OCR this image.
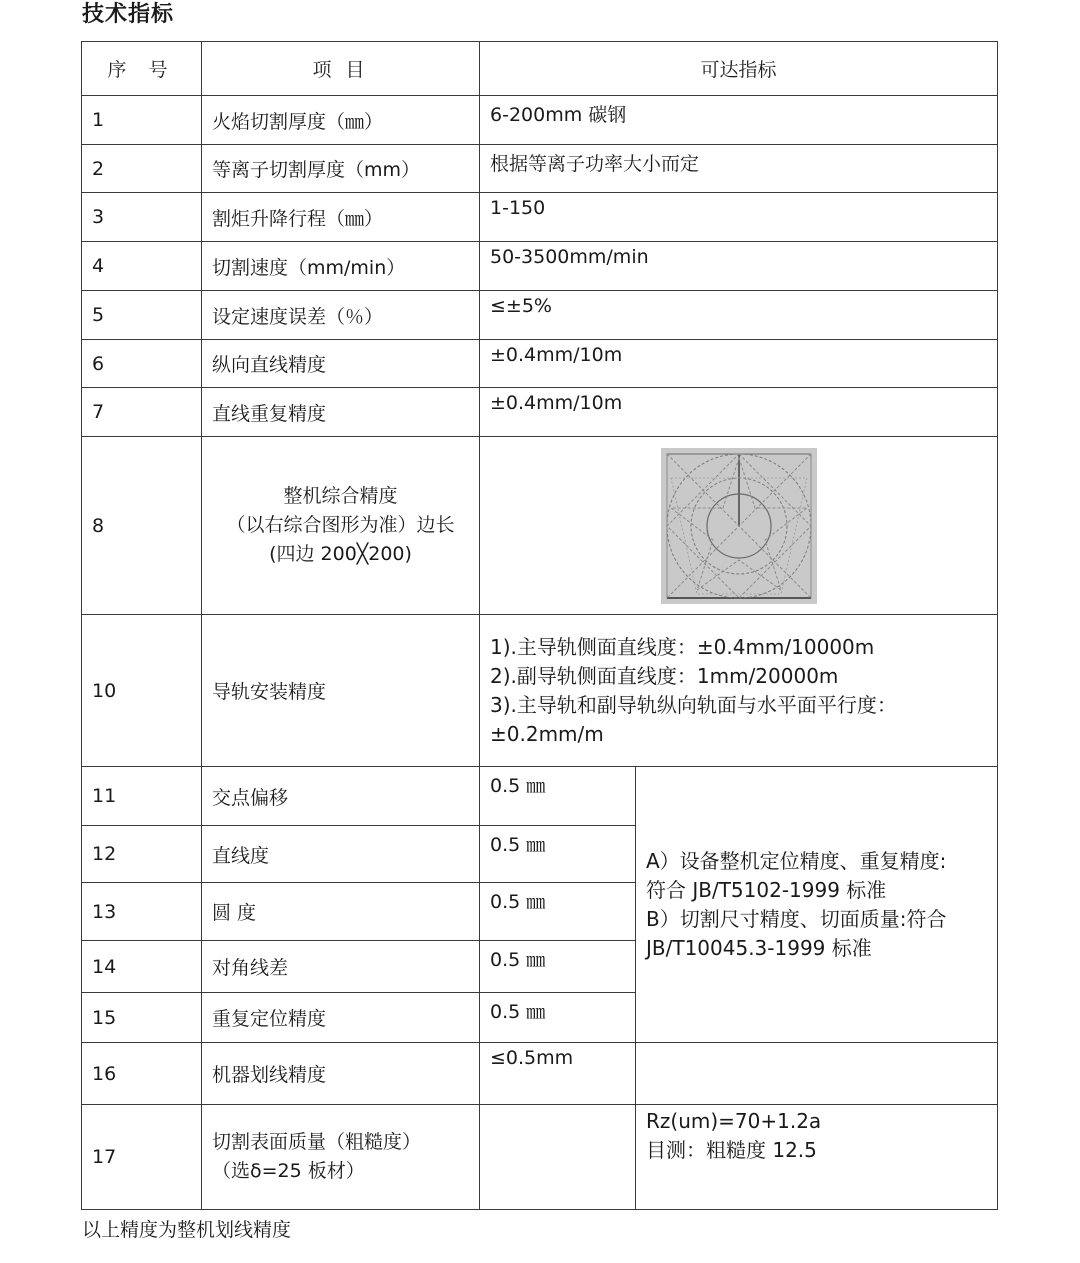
技术指标
序 号	项 目	可达指标	
1	火焰切割厚度（㎜）	6-200mm 碳钢	
2	等离子切割厚度（mm）	根据等离子功率大小而定	
3	割炬升降行程（㎜）	1-150	
4	切割速度（mm/min）	50-3500mm/min	
5	设定速度误差（％）	≤±5%	
6	纵向直线精度	±0.4mm/10m	
7	直线重复精度	±0.4mm/10m	
8	整机综合精度
（以右综合图形为准）边长
(四边 200╳200)

10	导轨安装精度	1).主导轨侧面直线度：±0.4mm/10000m
2).副导轨侧面直线度：1mm/20000m
3).主导轨和副导轨纵向轨面与水平面平行度：±0.2mm/m	

11	交点偏移	0.5 ㎜	A）设备整机定位精度、重复精度:
符合 JB/T5102-1999 标准
B）切割尺寸精度、切面质量:符合
JB/T10045.3-1999 标准

12	直线度	0.5 ㎜	
13	圆 度	0.5 ㎜	
14	对角线差	0.5 ㎜	
15	重复定位精度	0.5 ㎜	
16	机器划线精度	≤0.5mm	
17	切割表面质量（粗糙度）
（选δ=25 板材）		Rz(um)=70+1.2a
目测：粗糙度 12.5
以上精度为整机划线精度
